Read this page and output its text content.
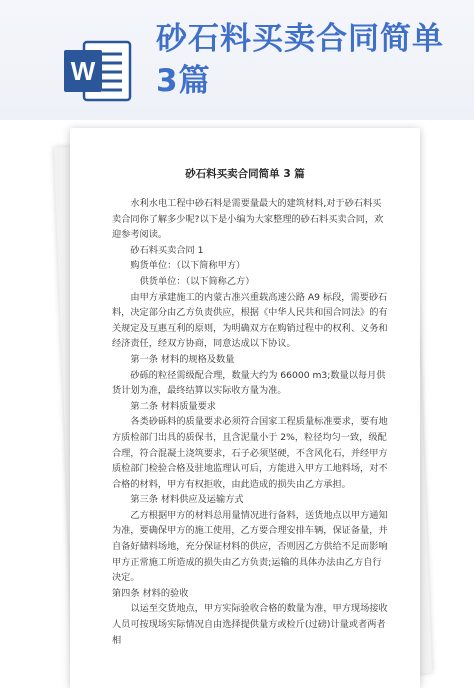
W
砂石料买卖合同简单3篇
砂石料买卖合同简单 3 篇

水利水电工程中砂石料是需要量最大的建筑材料,对于砂石料买卖合同你了解多少呢?以下是小编为大家整理的砂石料买卖合同，欢迎参考阅读。

砂石料买卖合同 1

购货单位：（以下简称甲方）

供货单位：（以下简称乙方）

由甲方承建施工的内蒙古准兴重载高速公路 A9 标段，需要砂石料，决定部分由乙方负责供应，根据《中华人民共和国合同法》的有关规定及互惠互利的原则，为明确双方在购销过程中的权利、义务和经济责任，经双方协商，同意达成以下协议。

第一条 材料的规格及数量

砂砾的粒径需级配合理，数量大约为 66000 m3;数量以每月供货计划为准，最终结算以实际收方量为准。

第二条 材料质量要求

各类砂砾料的质量要求必须符合国家工程质量标准要求，要有地方质检部门出具的质保书，且含泥量小于 2%，粒径均匀一致，级配合理，符合混凝土浇筑要求，石子必须坚硬，不含风化石，并经甲方质检部门检验合格及驻地监理认可后，方能进入甲方工地料场，对不合格的材料，甲方有权拒收，由此造成的损失由乙方承担。

第三条 材料供应及运输方式

乙方根据甲方的材料总用量情况进行备料，送货地点以甲方通知为准，要确保甲方的施工使用，乙方要合理安排车辆，保证备量，并自备好储料场地，充分保证材料的供应，否则因乙方供给不足而影响甲方正常施工所造成的损失由乙方负责;运输的具体办法由乙方自行决定。

第四条 材料的验收

以运至交货地点，甲方实际验收合格的数量为准，甲方现场接收人员可按现场实际情况自由选择提供量方或检斤(过磅)计量或者两者相
